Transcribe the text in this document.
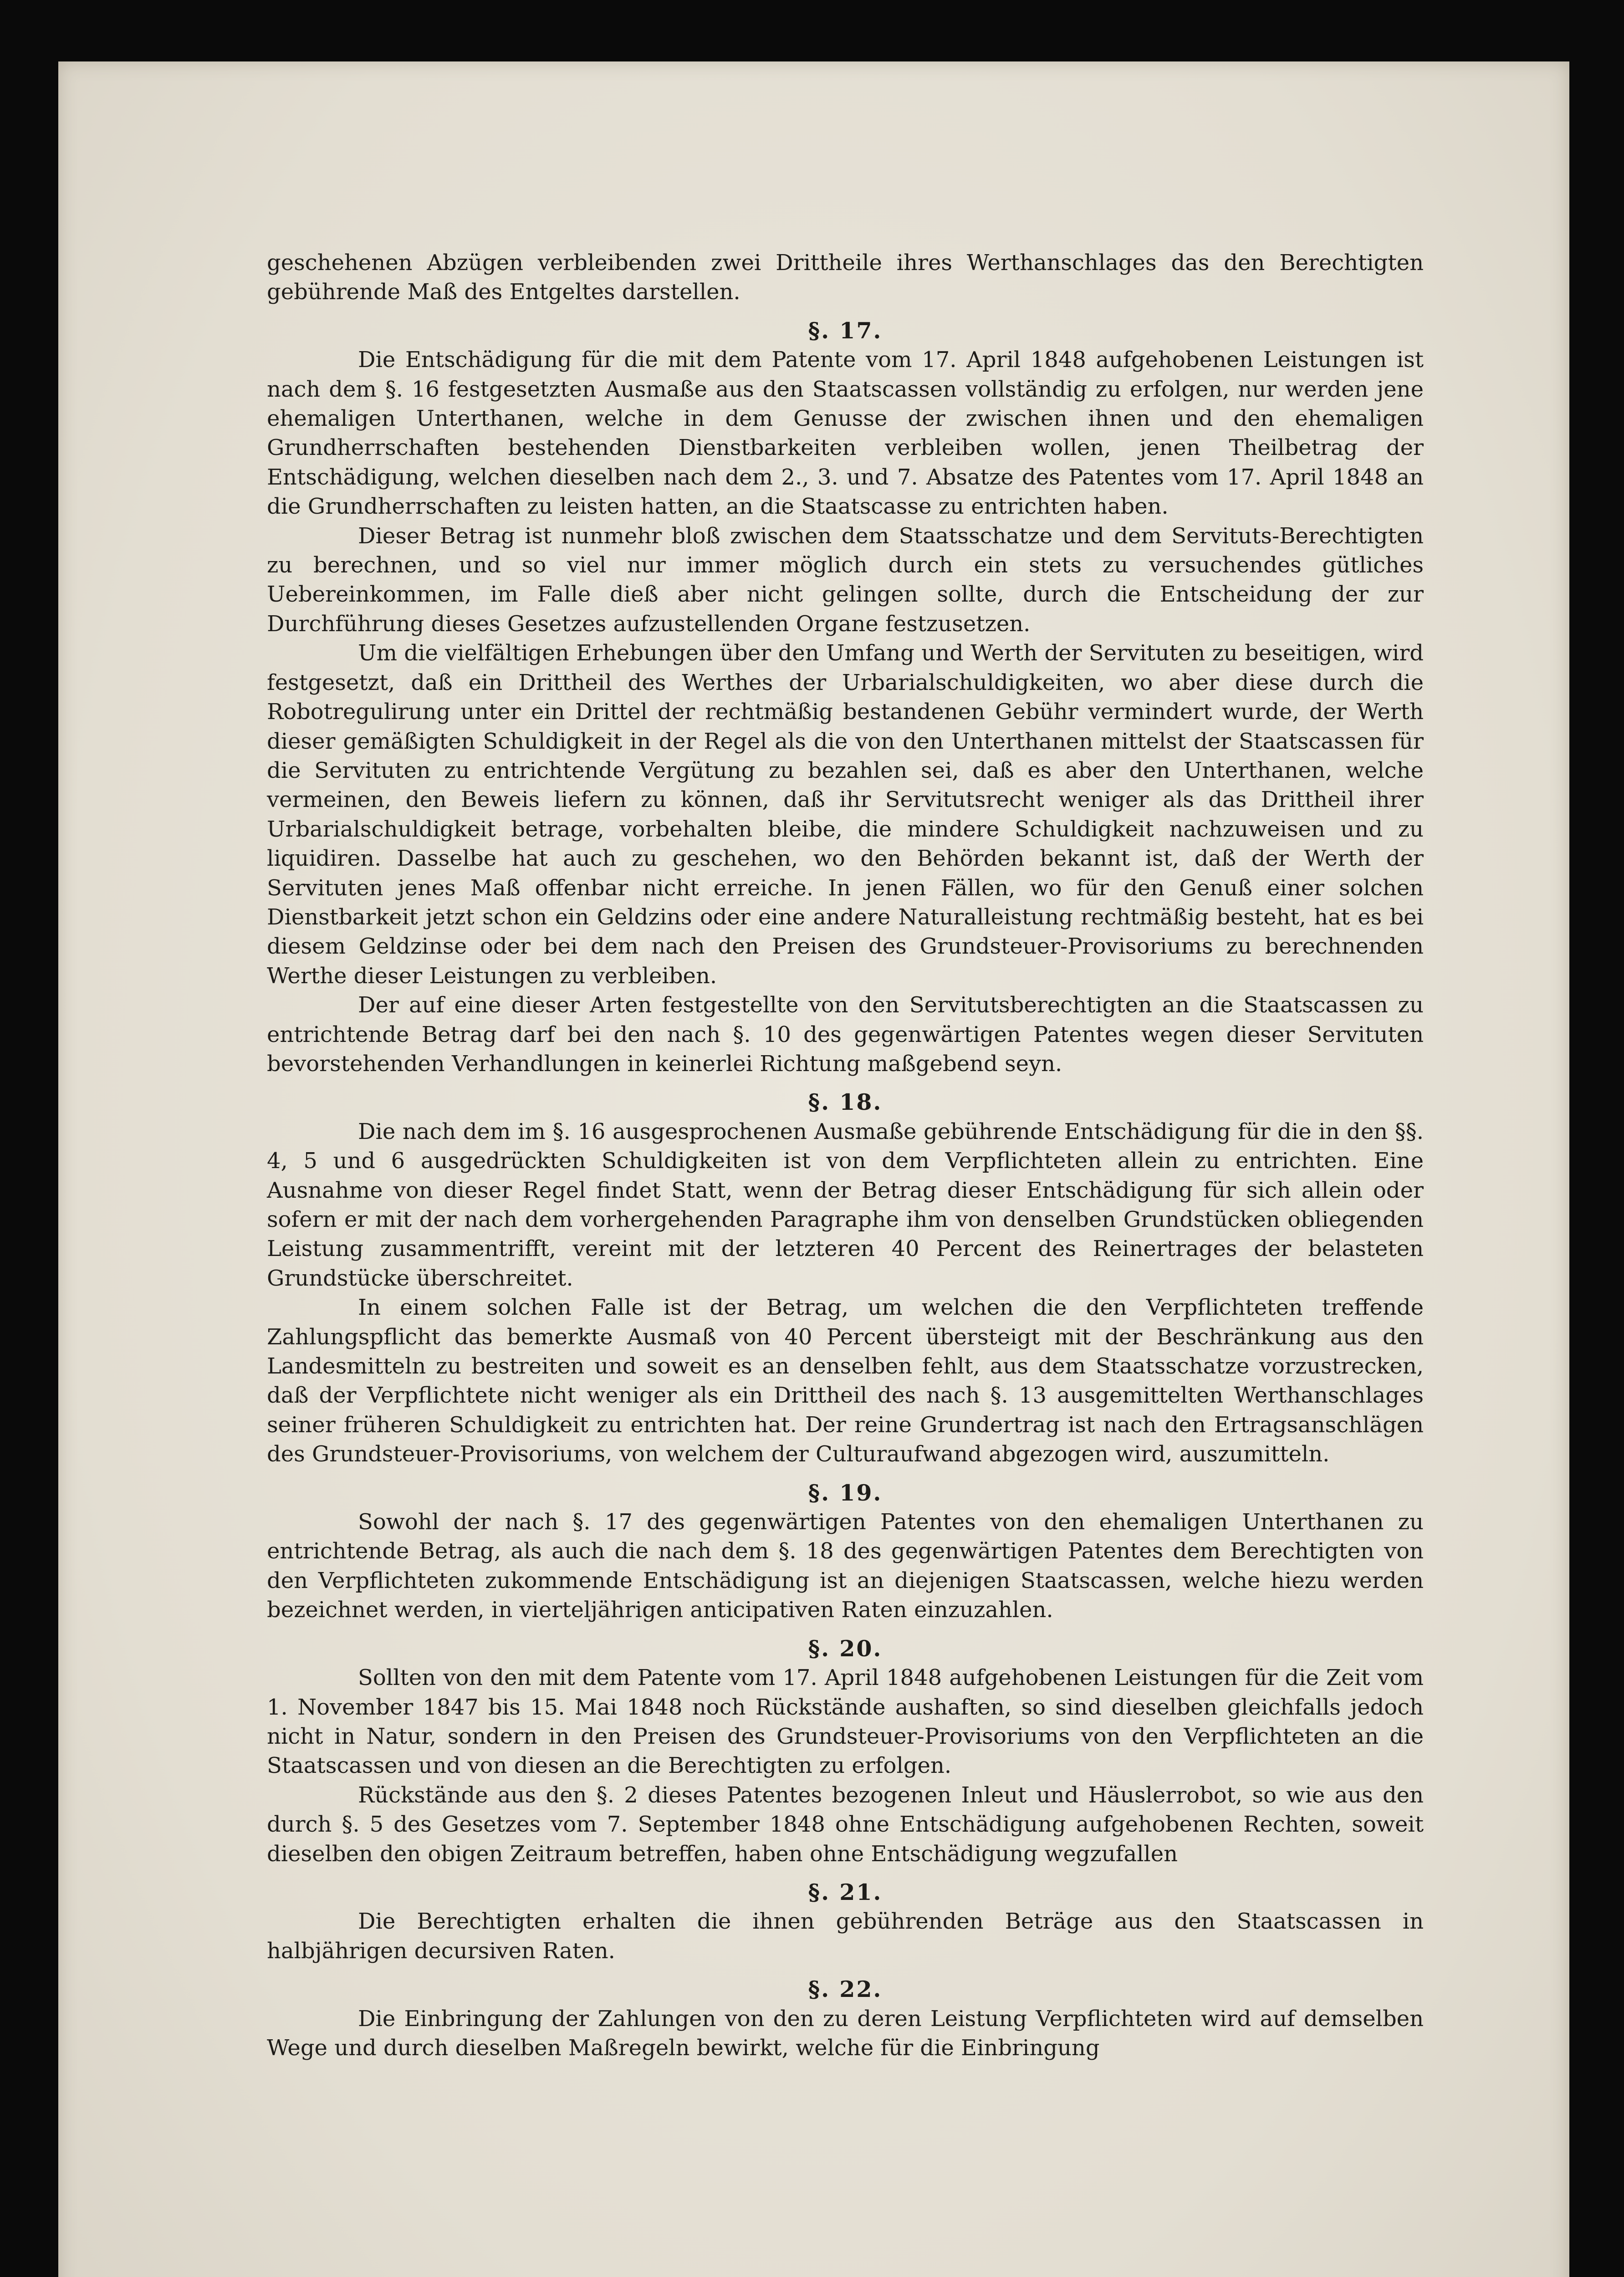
geschehenen Abzügen verbleibenden zwei Drittheile ihres Werthanschlages das den Berechtigten gebührende Maß des Entgeltes darstellen.

§. 17.

Die Entschädigung für die mit dem Patente vom 17. April 1848 aufgehobenen Leistungen ist nach dem §. 16 festgesetzten Ausmaße aus den Staatscassen vollständig zu erfolgen, nur werden jene ehemaligen Unterthanen, welche in dem Genusse der zwischen ihnen und den ehemaligen Grundherrschaften bestehenden Dienstbarkeiten verbleiben wollen, jenen Theilbetrag der Entschädigung, welchen dieselben nach dem 2., 3. und 7. Absatze des Patentes vom 17. April 1848 an die Grundherrschaften zu leisten hatten, an die Staatscasse zu entrichten haben.

Dieser Betrag ist nunmehr bloß zwischen dem Staatsschatze und dem Servituts-Berechtigten zu berechnen, und so viel nur immer möglich durch ein stets zu versuchendes gütliches Uebereinkommen, im Falle dieß aber nicht gelingen sollte, durch die Entscheidung der zur Durchführung dieses Gesetzes aufzustellenden Organe festzusetzen.

Um die vielfältigen Erhebungen über den Umfang und Werth der Servituten zu beseitigen, wird festgesetzt, daß ein Drittheil des Werthes der Urbarialschuldigkeiten, wo aber diese durch die Robotregulirung unter ein Drittel der rechtmäßig bestandenen Gebühr vermindert wurde, der Werth dieser gemäßigten Schuldigkeit in der Regel als die von den Unterthanen mittelst der Staatscassen für die Servituten zu entrichtende Vergütung zu bezahlen sei, daß es aber den Unterthanen, welche vermeinen, den Beweis liefern zu können, daß ihr Servitutsrecht weniger als das Drittheil ihrer Urbarialschuldigkeit betrage, vorbehalten bleibe, die mindere Schuldigkeit nachzuweisen und zu liquidiren. Dasselbe hat auch zu geschehen, wo den Behörden bekannt ist, daß der Werth der Servituten jenes Maß offenbar nicht erreiche. In jenen Fällen, wo für den Genuß einer solchen Dienstbarkeit jetzt schon ein Geldzins oder eine andere Naturalleistung rechtmäßig besteht, hat es bei diesem Geldzinse oder bei dem nach den Preisen des Grundsteuer-Provisoriums zu berechnenden Werthe dieser Leistungen zu verbleiben.

Der auf eine dieser Arten festgestellte von den Servitutsberechtigten an die Staatscassen zu entrichtende Betrag darf bei den nach §. 10 des gegenwärtigen Patentes wegen dieser Servituten bevorstehenden Verhandlungen in keinerlei Richtung maßgebend seyn.

§. 18.

Die nach dem im §. 16 ausgesprochenen Ausmaße gebührende Entschädigung für die in den §§. 4, 5 und 6 ausgedrückten Schuldigkeiten ist von dem Verpflichteten allein zu entrichten. Eine Ausnahme von dieser Regel findet Statt, wenn der Betrag dieser Entschädigung für sich allein oder sofern er mit der nach dem vorhergehenden Paragraphe ihm von denselben Grundstücken obliegenden Leistung zusammentrifft, vereint mit der letzteren 40 Percent des Reinertrages der belasteten Grundstücke überschreitet.

In einem solchen Falle ist der Betrag, um welchen die den Verpflichteten treffende Zahlungspflicht das bemerkte Ausmaß von 40 Percent übersteigt mit der Beschränkung aus den Landesmitteln zu bestreiten und soweit es an denselben fehlt, aus dem Staatsschatze vorzustrecken, daß der Verpflichtete nicht weniger als ein Drittheil des nach §. 13 ausgemittelten Werthanschlages seiner früheren Schuldigkeit zu entrichten hat. Der reine Grundertrag ist nach den Ertragsanschlägen des Grundsteuer-Provisoriums, von welchem der Culturaufwand abgezogen wird, auszumitteln.

§. 19.

Sowohl der nach §. 17 des gegenwärtigen Patentes von den ehemaligen Unterthanen zu entrichtende Betrag, als auch die nach dem §. 18 des gegenwärtigen Patentes dem Berechtigten von den Verpflichteten zukommende Entschädigung ist an diejenigen Staatscassen, welche hiezu werden bezeichnet werden, in vierteljährigen anticipativen Raten einzuzahlen.

§. 20.

Sollten von den mit dem Patente vom 17. April 1848 aufgehobenen Leistungen für die Zeit vom 1. November 1847 bis 15. Mai 1848 noch Rückstände aushaften, so sind dieselben gleichfalls jedoch nicht in Natur, sondern in den Preisen des Grundsteuer-Provisoriums von den Verpflichteten an die Staatscassen und von diesen an die Berechtigten zu erfolgen.

Rückstände aus den §. 2 dieses Patentes bezogenen Inleut und Häuslerrobot, so wie aus den durch §. 5 des Gesetzes vom 7. September 1848 ohne Entschädigung aufgehobenen Rechten, soweit dieselben den obigen Zeitraum betreffen, haben ohne Entschädigung wegzufallen

§. 21.

Die Berechtigten erhalten die ihnen gebührenden Beträge aus den Staatscassen in halbjährigen decursiven Raten.

§. 22.

Die Einbringung der Zahlungen von den zu deren Leistung Verpflichteten wird auf demselben Wege und durch dieselben Maßregeln bewirkt, welche für die Einbringung
